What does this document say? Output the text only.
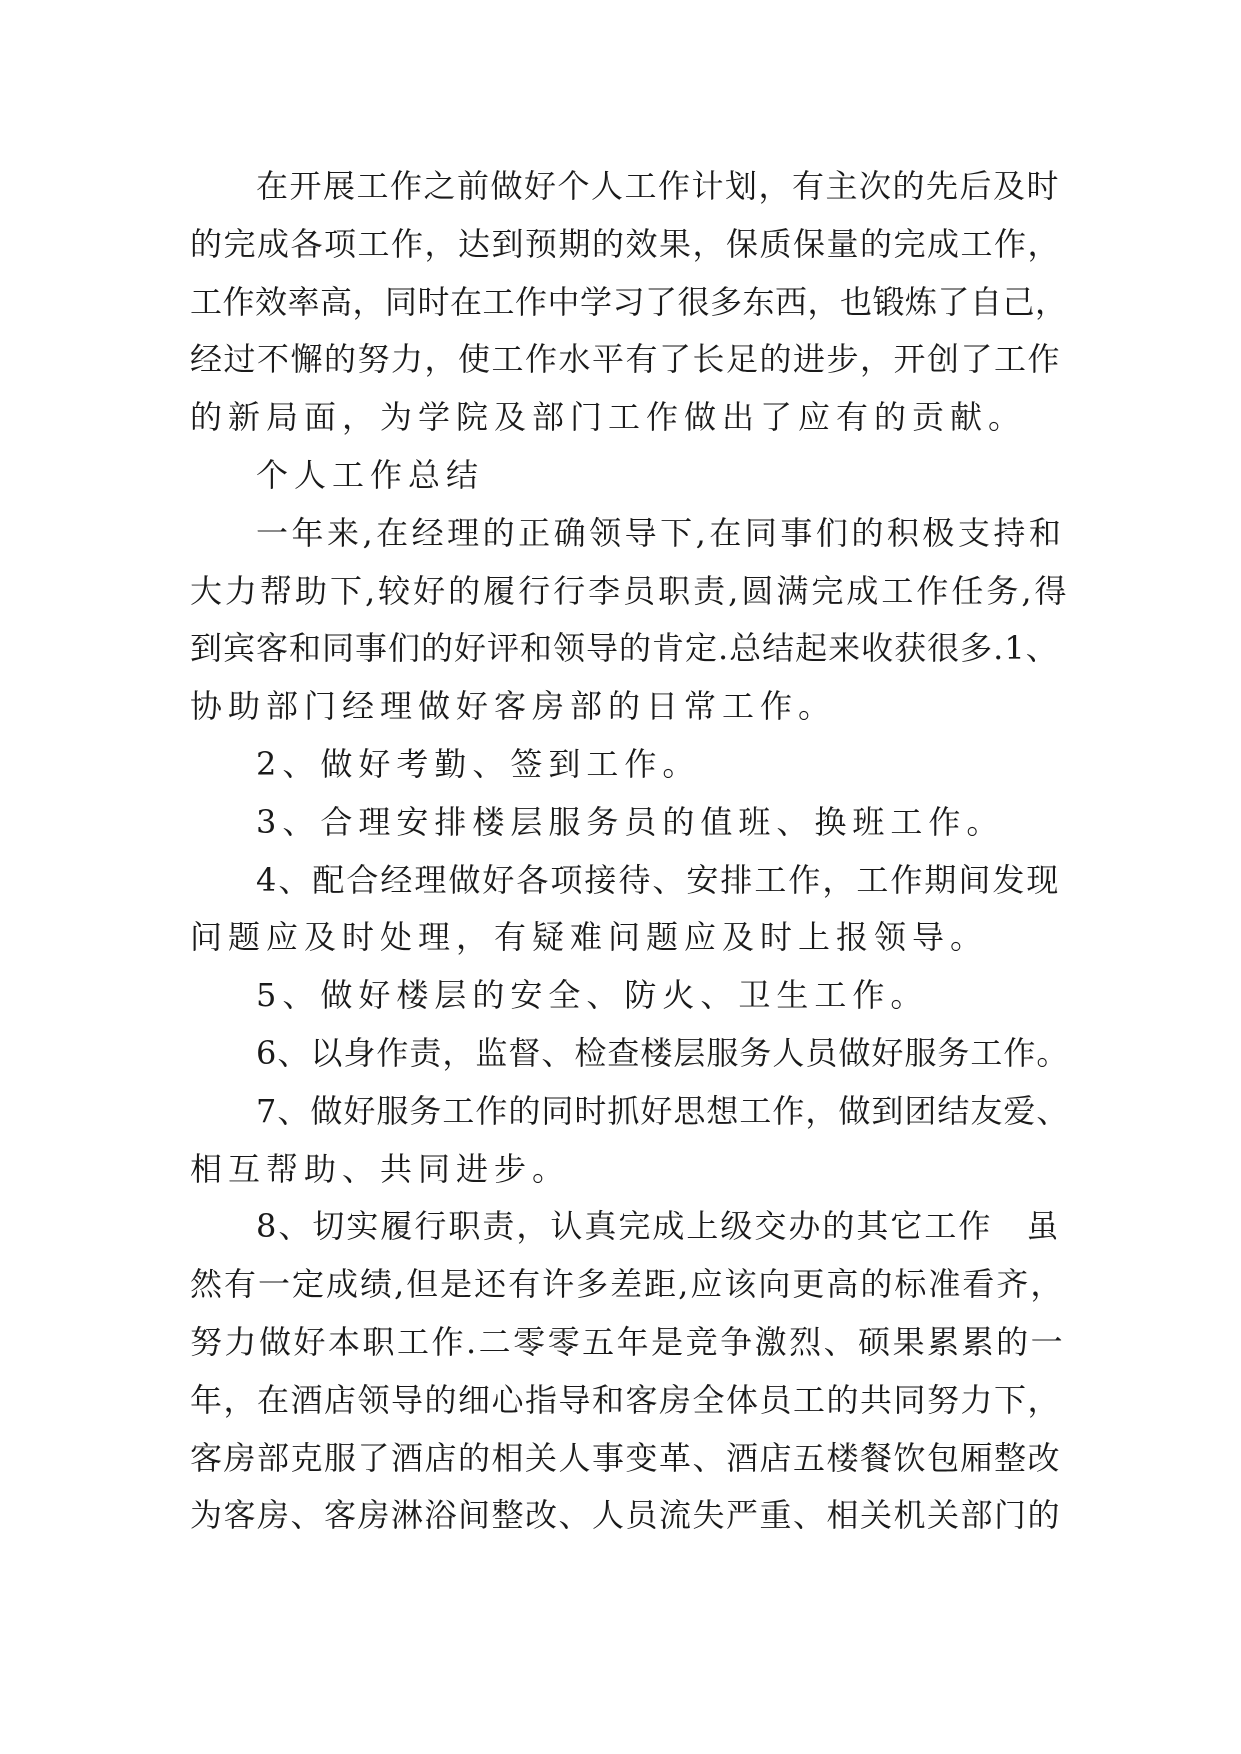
在开展工作之前做好个人工作计划，有主次的先后及时
的完成各项工作，达到预期的效果，保质保量的完成工作，
工作效率高，同时在工作中学习了很多东西，也锻炼了自己，
经过不懈的努力，使工作水平有了长足的进步，开创了工作
的新局面，为学院及部门工作做出了应有的贡献。
个人工作总结
一年来,在经理的正确领导下,在同事们的积极支持和
大力帮助下,较好的履行行李员职责,圆满完成工作任务,得
到宾客和同事们的好评和领导的肯定.总结起来收获很多.1、
协助部门经理做好客房部的日常工作。
2、做好考勤、签到工作。
3、合理安排楼层服务员的值班、换班工作。
4、配合经理做好各项接待、安排工作，工作期间发现
问题应及时处理，有疑难问题应及时上报领导。
5、做好楼层的安全、防火、卫生工作。
6、以身作责，监督、检查楼层服务人员做好服务工作。
7、做好服务工作的同时抓好思想工作，做到团结友爱、
相互帮助、共同进步。
8、切实履行职责，认真完成上级交办的其它工作　虽
然有一定成绩,但是还有许多差距,应该向更高的标准看齐，
努力做好本职工作.二零零五年是竞争激烈、硕果累累的一
年，在酒店领导的细心指导和客房全体员工的共同努力下，
客房部克服了酒店的相关人事变革、酒店五楼餐饮包厢整改
为客房、客房淋浴间整改、人员流失严重、相关机关部门的
